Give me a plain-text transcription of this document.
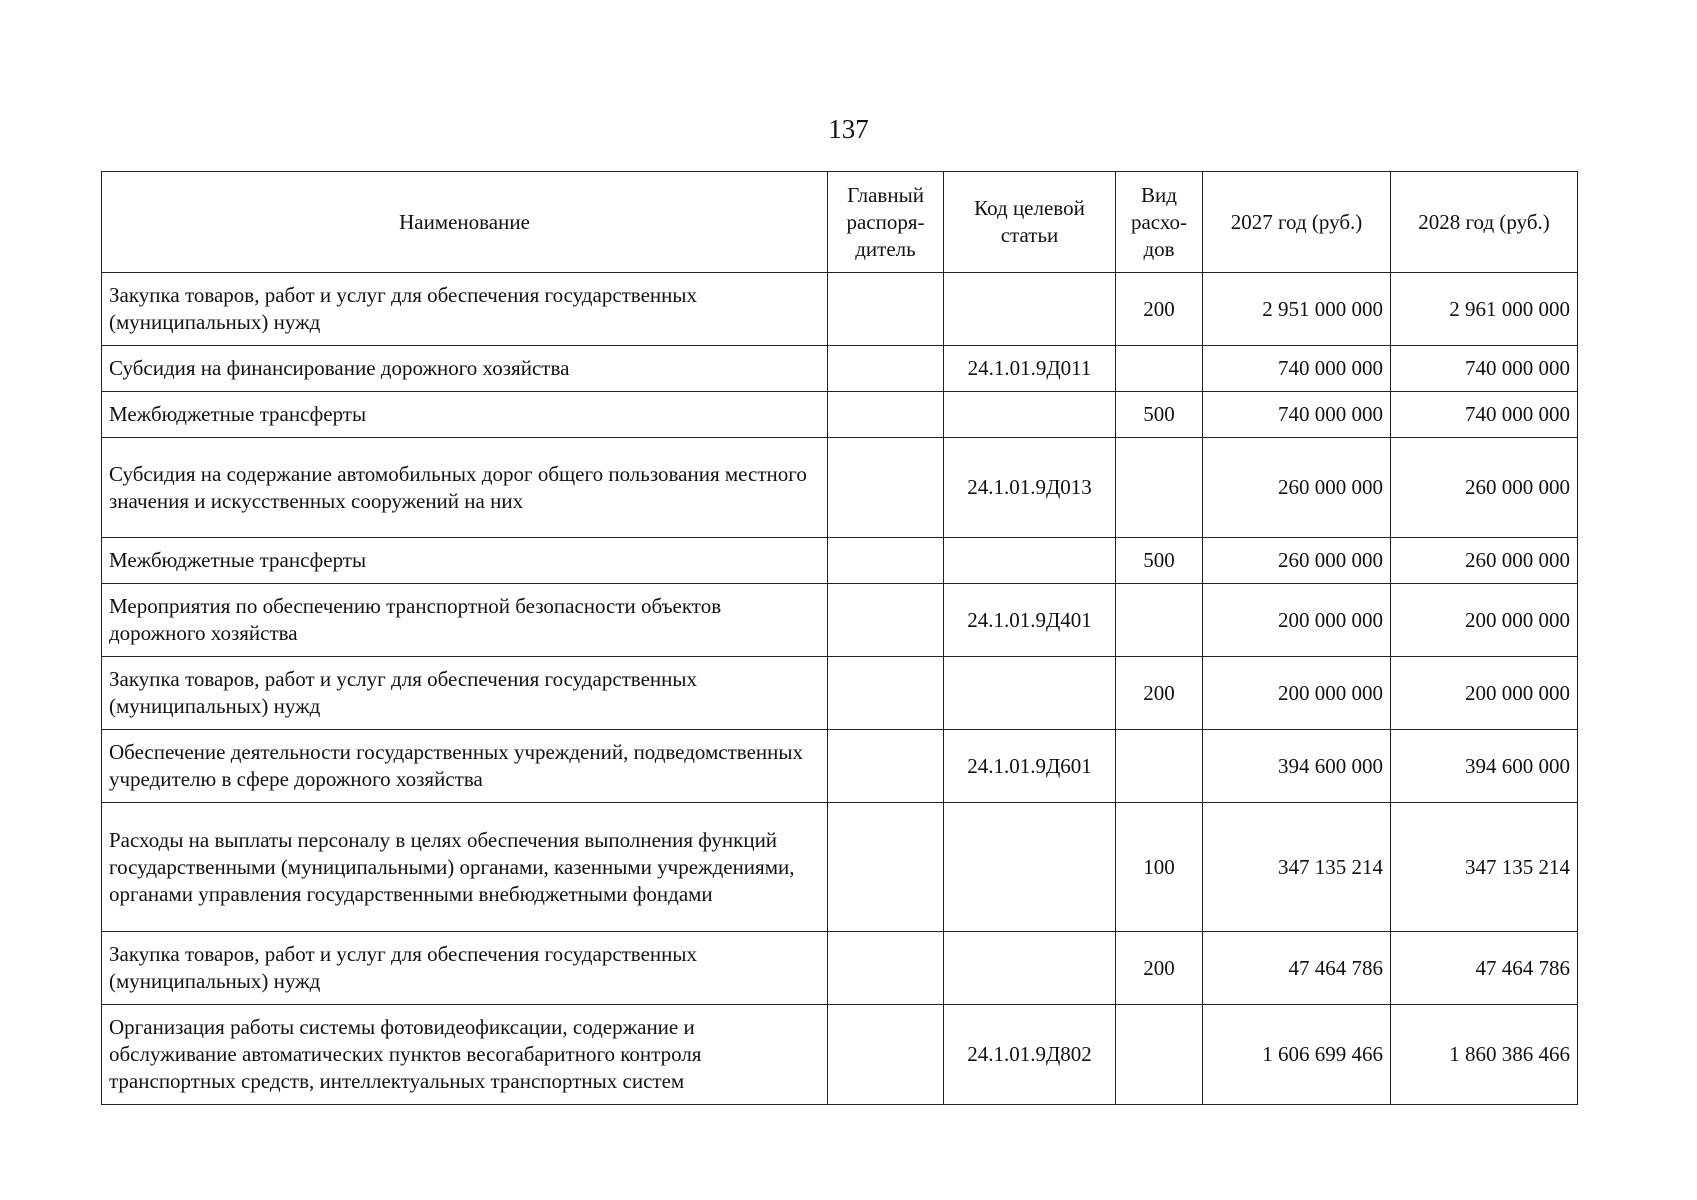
137
Наименование	Главный распоря-дитель	Код целевой статьи	Вид расхо-дов	2027 год (руб.)	2028 год (руб.)
Закупка товаров, работ и услуг для обеспечения государственных (муниципальных) нужд			200	2 951 000 000	2 961 000 000
Субсидия на финансирование дорожного хозяйства		24.1.01.9Д011		740 000 000	740 000 000
Межбюджетные трансферты			500	740 000 000	740 000 000
Субсидия на содержание автомобильных дорог общего пользования местного значения и искусственных сооружений на них		24.1.01.9Д013		260 000 000	260 000 000
Межбюджетные трансферты			500	260 000 000	260 000 000
Мероприятия по обеспечению транспортной безопасности объектов дорожного хозяйства		24.1.01.9Д401		200 000 000	200 000 000
Закупка товаров, работ и услуг для обеспечения государственных (муниципальных) нужд			200	200 000 000	200 000 000
Обеспечение деятельности государственных учреждений, подведомственных учредителю в сфере дорожного хозяйства		24.1.01.9Д601		394 600 000	394 600 000
Расходы на выплаты персоналу в целях обеспечения выполнения функций государственными (муниципальными) органами, казенными учреждениями, органами управления государственными внебюджетными фондами			100	347 135 214	347 135 214
Закупка товаров, работ и услуг для обеспечения государственных (муниципальных) нужд			200	47 464 786	47 464 786
Организация работы системы фотовидеофиксации, содержание и обслуживание автоматических пунктов весогабаритного контроля транспортных средств, интеллектуальных транспортных систем		24.1.01.9Д802		1 606 699 466	1 860 386 466
